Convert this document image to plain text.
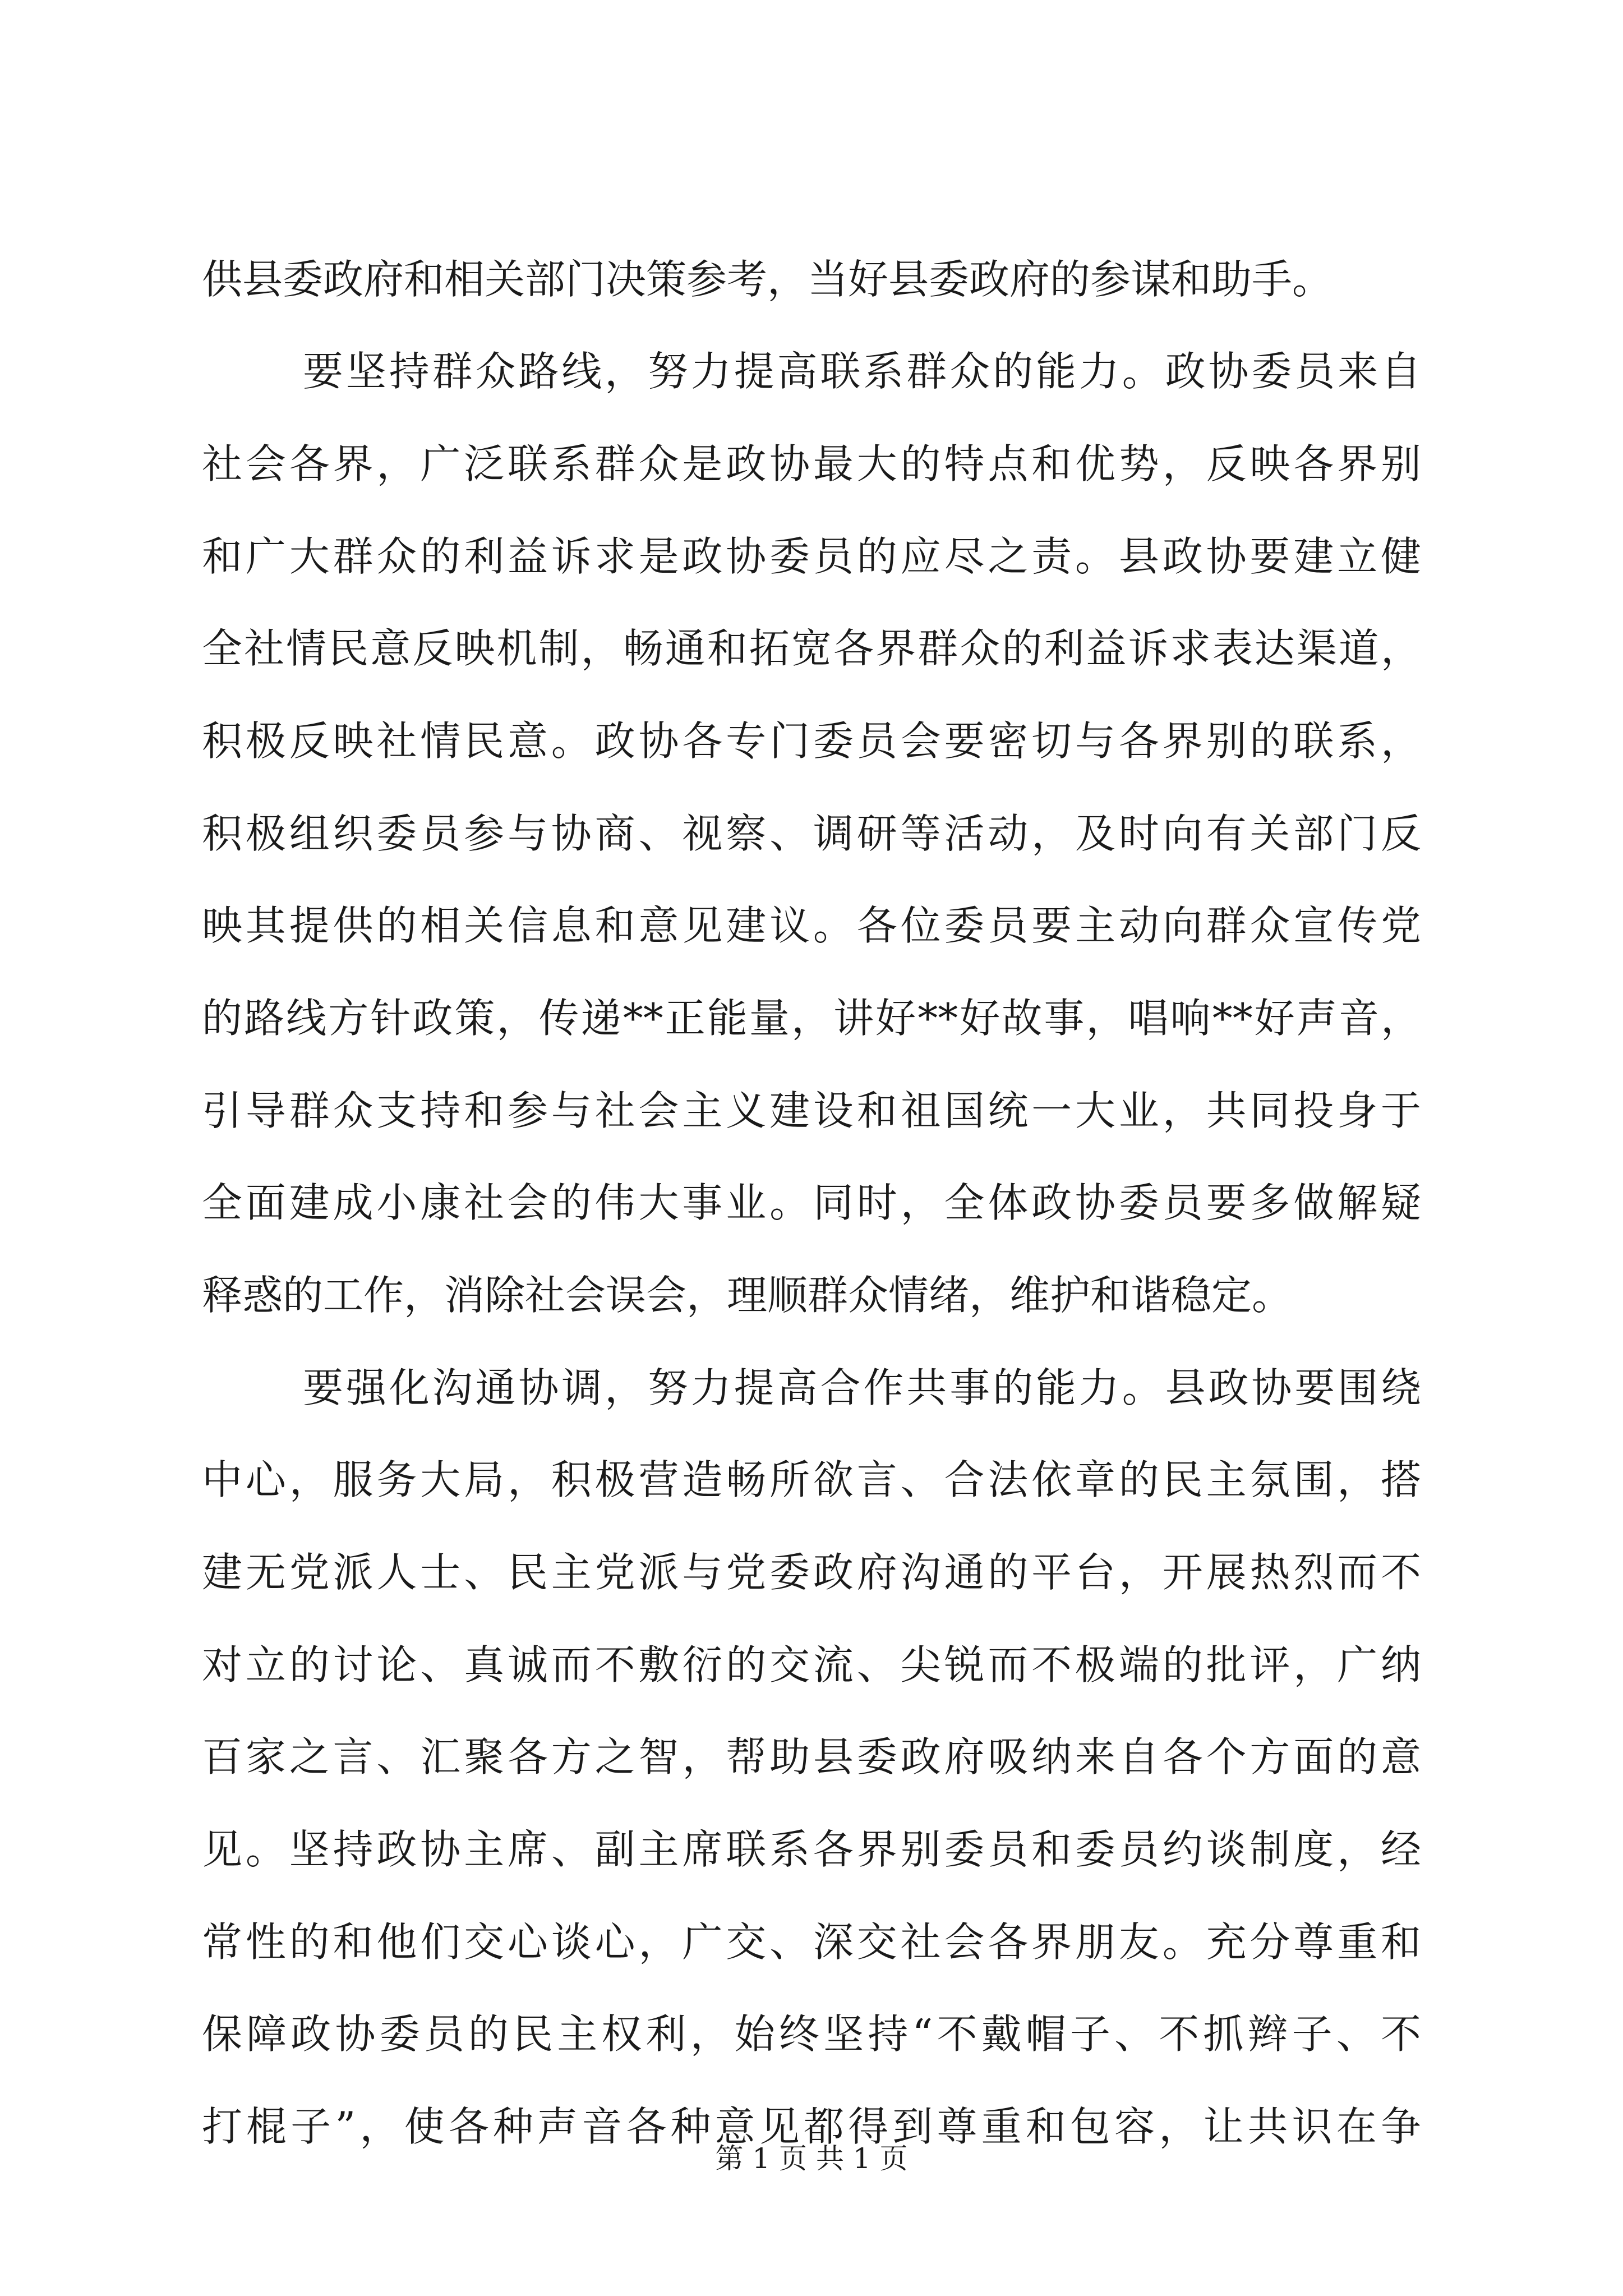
供县委政府和相关部门决策参考，当好县委政府的参谋和助手。
要坚持群众路线，努力提高联系群众的能力。政协委员来自
社会各界，广泛联系群众是政协最大的特点和优势，反映各界别
和广大群众的利益诉求是政协委员的应尽之责。县政协要建立健
全社情民意反映机制，畅通和拓宽各界群众的利益诉求表达渠道，
积极反映社情民意。政协各专门委员会要密切与各界别的联系，
积极组织委员参与协商、视察、调研等活动，及时向有关部门反
映其提供的相关信息和意见建议。各位委员要主动向群众宣传党
的路线方针政策，传递**正能量，讲好**好故事，唱响**好声音，
引导群众支持和参与社会主义建设和祖国统一大业，共同投身于
全面建成小康社会的伟大事业。同时，全体政协委员要多做解疑
释惑的工作，消除社会误会，理顺群众情绪，维护和谐稳定。
要强化沟通协调，努力提高合作共事的能力。县政协要围绕
中心，服务大局，积极营造畅所欲言、合法依章的民主氛围，搭
建无党派人士、民主党派与党委政府沟通的平台，开展热烈而不
对立的讨论、真诚而不敷衍的交流、尖锐而不极端的批评，广纳
百家之言、汇聚各方之智，帮助县委政府吸纳来自各个方面的意
见。坚持政协主席、副主席联系各界别委员和委员约谈制度，经
常性的和他们交心谈心，广交、深交社会各界朋友。充分尊重和
保障政协委员的民主权利，始终坚持“不戴帽子、不抓辫子、不
打棍子”，使各种声音各种意见都得到尊重和包容，让共识在争
第 1 页 共 1 页
